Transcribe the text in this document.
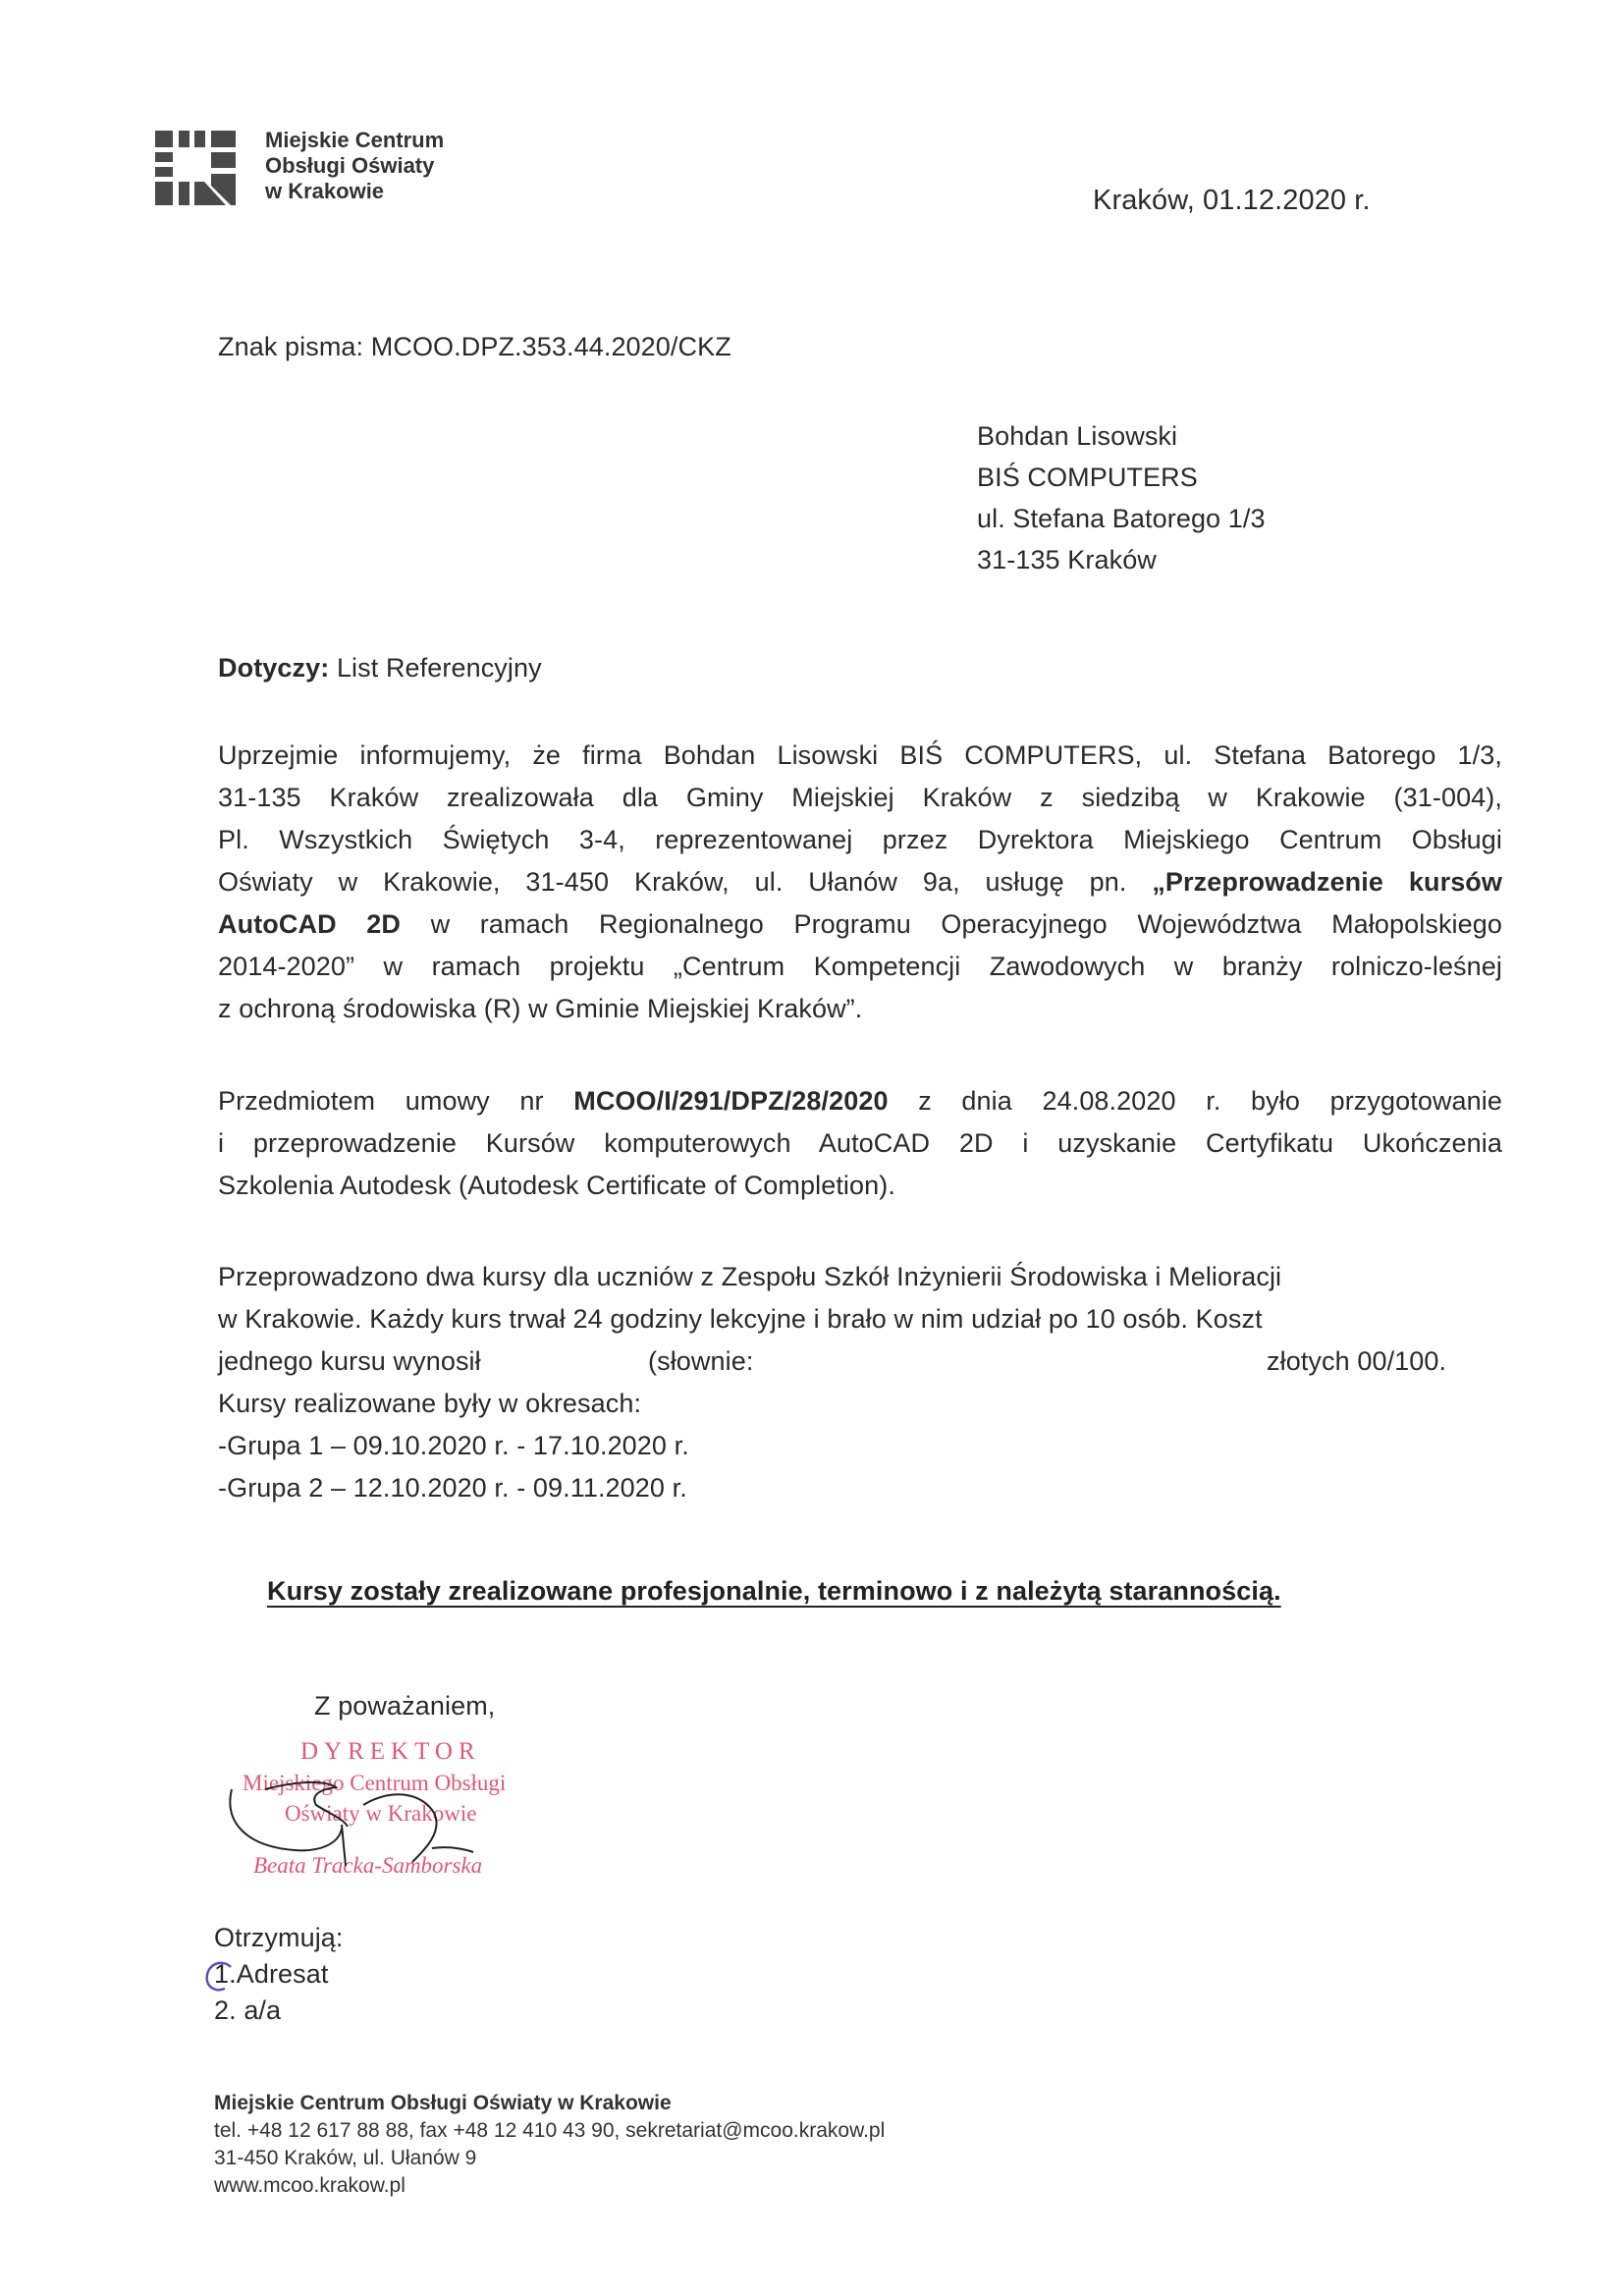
Miejskie Centrum
Obsługi Oświaty
w Krakowie	Kraków, 01.12.2020 r.
Znak pisma: MCOO.DPZ.353.44.2020/CKZ
Bohdan Lisowski
BIŚ COMPUTERS
ul. Stefana Batorego 1/3
31-135 Kraków
Dotyczy: List Referencyjny
Uprzejmie informujemy, że firma Bohdan Lisowski BIŚ COMPUTERS, ul. Stefana Batorego 1/3,
31-135 Kraków zrealizowała dla Gminy Miejskiej Kraków z siedzibą w Krakowie (31-004),
Pl. Wszystkich Świętych 3-4, reprezentowanej przez Dyrektora Miejskiego Centrum Obsługi
Oświaty w Krakowie, 31-450 Kraków, ul. Ułanów 9a, usługę pn. „Przeprowadzenie kursów
AutoCAD 2D w ramach Regionalnego Programu Operacyjnego Województwa Małopolskiego
2014-2020” w ramach projektu „Centrum Kompetencji Zawodowych w branży rolniczo-leśnej
z ochroną środowiska (R) w Gminie Miejskiej Kraków”.
Przedmiotem umowy nr MCOO/I/291/DPZ/28/2020 z dnia 24.08.2020 r. było przygotowanie
i przeprowadzenie Kursów komputerowych AutoCAD 2D i uzyskanie Certyfikatu Ukończenia
Szkolenia Autodesk (Autodesk Certificate of Completion).
Przeprowadzono dwa kursy dla uczniów z Zespołu Szkół Inżynierii Środowiska i Melioracji
w Krakowie. Każdy kurs trwał 24 godziny lekcyjne i brało w nim udział po 10 osób. Koszt
jednego kursu wynosił	(słownie:	złotych 00/100.
Kursy realizowane były w okresach:
-Grupa 1 – 09.10.2020 r. - 17.10.2020 r.
-Grupa 2 – 12.10.2020 r. - 09.11.2020 r.
Kursy zostały zrealizowane profesjonalnie, terminowo i z należytą starannością.
Z poważaniem,
DYREKTOR
Miejskiego Centrum Obsługi
Oświaty w Krakowie
Beata Tracka-Samborska
Otrzymują:
1.Adresat
2. a/a
Miejskie Centrum Obsługi Oświaty w Krakowie
tel. +48 12 617 88 88, fax +48 12 410 43 90, sekretariat@mcoo.krakow.pl
31-450 Kraków, ul. Ułanów 9
www.mcoo.krakow.pl
